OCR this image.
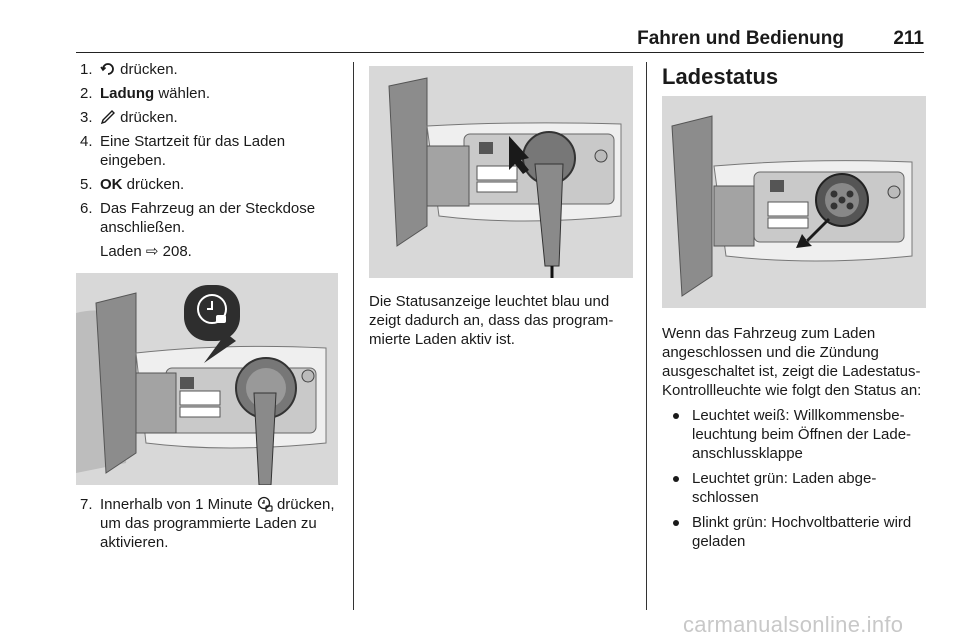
Fahren und Bedienung	211
1. drücken.
2. Ladung wählen.
3. drücken.
4. Eine Startzeit für das Laden eingeben.
5. OK drücken.
6. Das Fahrzeug an der Steckdose anschließen.
Laden ⇨ 208.
7. Innerhalb von 1 Minute  drücken, um das programmierte Laden zu aktivieren.

Die Statusanzeige leuchtet blau und zeigt dadurch an, dass das programmierte Laden aktiv ist.

Ladestatus

Wenn das Fahrzeug zum Laden angeschlossen und die Zündung ausgeschaltet ist, zeigt die Ladestatus-Kontrollleuchte wie folgt den Status an:

Leuchtet weiß: Willkommensbeleuchtung beim Öffnen der Ladeanschlussklappe
Leuchtet grün: Laden abgeschlossen
Blinkt grün: Hochvoltbatterie wird geladen
carmanualsonline.info
